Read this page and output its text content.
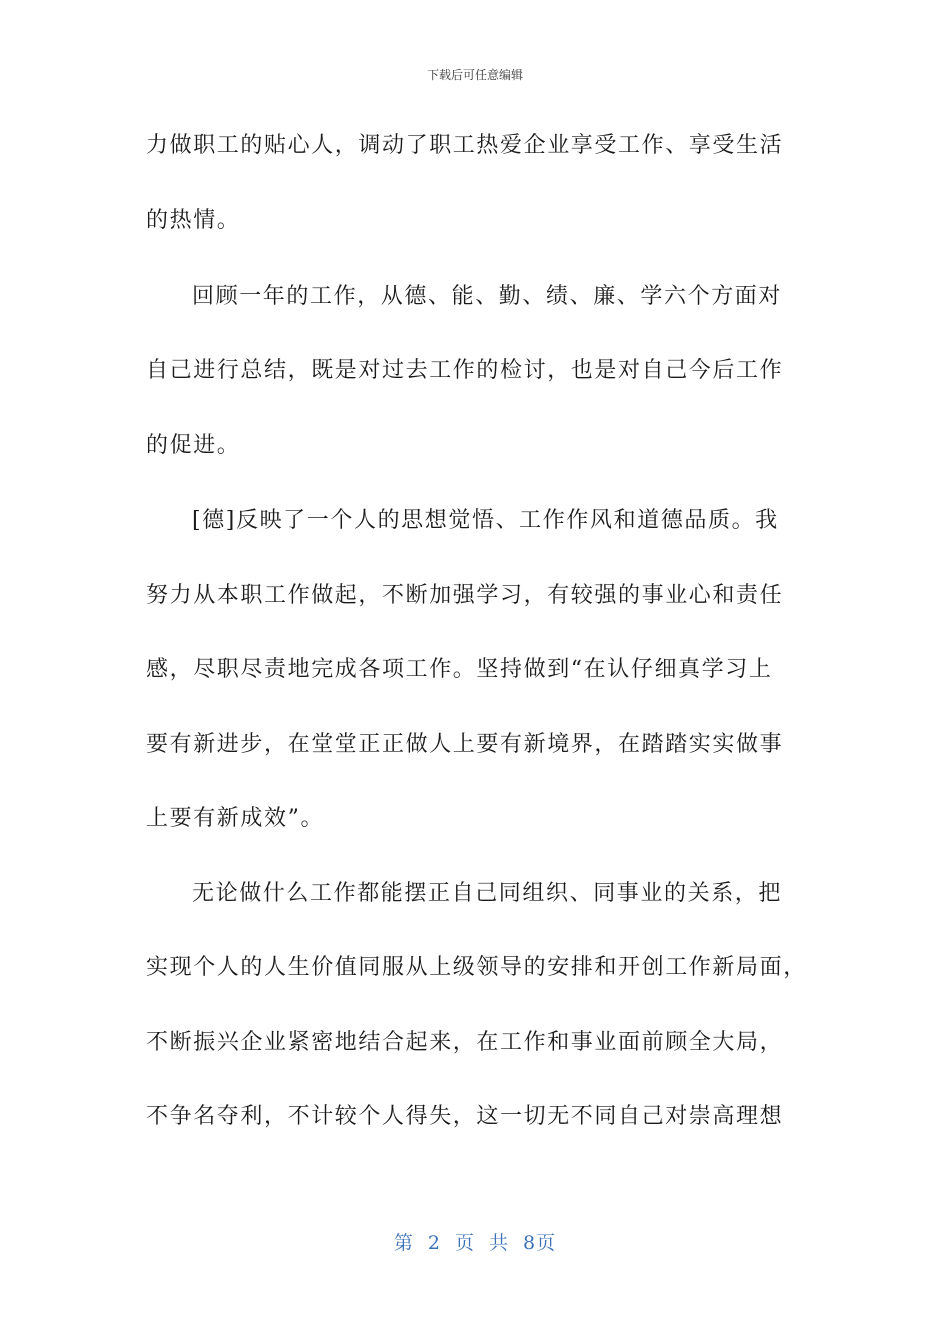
下载后可任意编辑
力做职工的贴心人，调动了职工热爱企业享受工作、享受生活
的热情。
回顾一年的工作，从德、能、勤、绩、廉、学六个方面对
自己进行总结，既是对过去工作的检讨，也是对自己今后工作
的促进。
[德]反映了一个人的思想觉悟、工作作风和道德品质。我
努力从本职工作做起，不断加强学习，有较强的事业心和责任
感，尽职尽责地完成各项工作。坚持做到“在认仔细真学习上
要有新进步，在堂堂正正做人上要有新境界，在踏踏实实做事
上要有新成效”。
无论做什么工作都能摆正自己同组织、同事业的关系，把
实现个人的人生价值同服从上级领导的安排和开创工作新局面，
不断振兴企业紧密地结合起来，在工作和事业面前顾全大局，
不争名夺利，不计较个人得失，这一切无不同自己对崇高理想
第 2 页 共 8页
